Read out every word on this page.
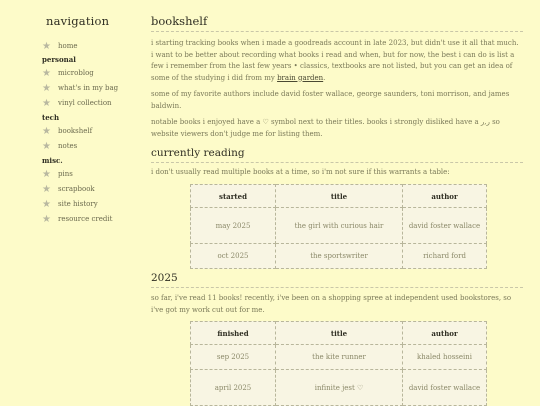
navigation
★	home
personal
★	microblog
★	what's in my bag
★	vinyl collection
tech
★	bookshelf
★	notes
misc.
★	pins
★	scrapbook
★	site history
★	resource credit
bookshelf

i starting tracking books when i made a goodreads account in late 2023, but didn't use it all that much. i want to be better about recording what books i read and when, but for now, the best i can do is list a few i remember from the last few years • classics, textbooks are not listed, but you can get an idea of some of the studying i did from my brain garden.

some of my favorite authors include david foster wallace, george saunders, toni morrison, and james baldwin.

notable books i enjoyed have a ♡ symbol next to their titles. books i strongly disliked have a ر,ر so website viewers don't judge me for listing them.

currently reading

i don't usually read multiple books at a time, so i'm not sure if this warrants a table:

started	title	author
may 2025	the girl with curious hair	david foster wallace
oct 2025	the sportswriter	richard ford
2025

so far, i've read 11 books! recently, i've been on a shopping spree at independent used bookstores, so i've got my work cut out for me.

finished	title	author
sep 2025	the kite runner	khaled hosseini
april 2025	infinite jest ♡	david foster wallace
